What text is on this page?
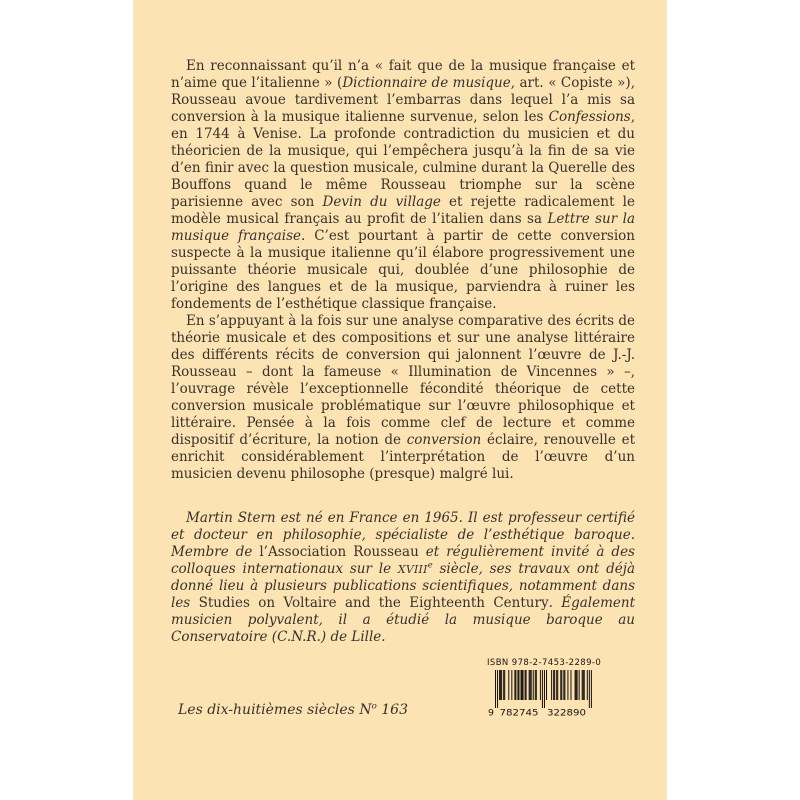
En reconnaissant qu’il n’a « fait que de la musique française et n’aime que l’italienne » (Dictionnaire de musique, art. « Copiste »), Rousseau avoue tardivement l’embarras dans lequel l’a mis sa conversion à la musique italienne survenue, selon les Confessions, en 1744 à Venise. La profonde contradiction du musicien et du théoricien de la musique, qui l’empêchera jusqu’à la fin de sa vie d’en finir avec la question musicale, culmine durant la Querelle des Bouffons quand le même Rousseau triomphe sur la scène parisienne avec son Devin du village et rejette radicalement le modèle musical français au profit de l’italien dans sa Lettre sur la musique française. C’est pourtant à partir de cette conversion suspecte à la musique italienne qu’il élabore progressivement une puissante théorie musicale qui, doublée d’une philosophie de l’origine des langues et de la musique, parviendra à ruiner les fondements de l’esthétique classique française.

En s’appuyant à la fois sur une analyse comparative des écrits de théorie musicale et des compositions et sur une analyse littéraire des différents récits de conversion qui jalonnent l’œuvre de J.-J. Rousseau – dont la fameuse « Illumination de Vincennes » –, l’ouvrage révèle l’exceptionnelle fécondité théorique de cette conversion musicale problématique sur l’œuvre philosophique et littéraire. Pensée à la fois comme clef de lecture et comme dispositif d’écriture, la notion de conversion éclaire, renouvelle et enrichit considérablement l’interprétation de l’œuvre d’un musicien devenu philosophe (presque) malgré lui.

Martin Stern est né en France en 1965. Il est professeur certifié et docteur en philosophie, spécialiste de l’esthétique baroque. Membre de l’Association Rousseau et régulièrement invité à des colloques internationaux sur le XVIIIe siècle, ses travaux ont déjà donné lieu à plusieurs publications scientifiques, notamment dans les Studies on Voltaire and the Eighteenth Century. Également musicien polyvalent, il a étudié la musique baroque au Conservatoire (C.N.R.) de Lille.

ISBN 978-2-7453-2289-0
9 782745 322890
Les dix-huitièmes siècles $N^o$ 163
